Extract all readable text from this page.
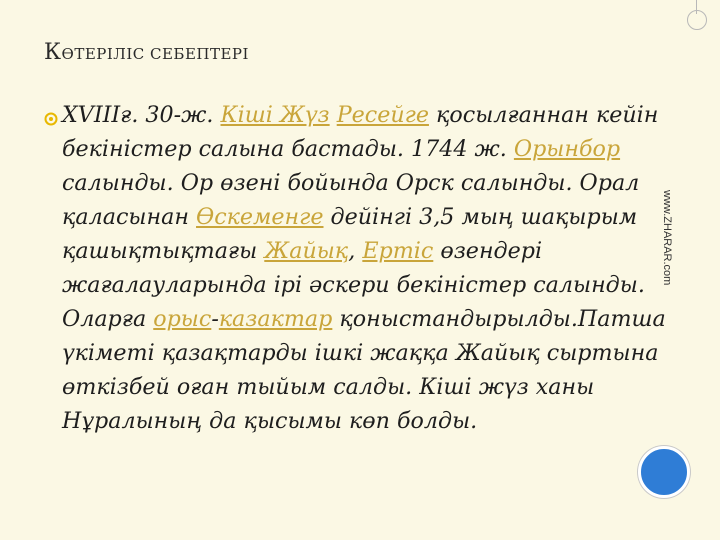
КӨТЕРІЛІС СЕБЕПТЕРІ
XVIIIғ. 30-ж. Кіші Жүз Ресейге қосылғаннан кейін бекіністер салына бастады. 1744 ж. Орынбор салынды. Ор өзені бойында Орск салынды. Орал қаласынан Өскеменге дейінгі 3,5 мың шақырым қашықтықтағы Жайық, Ертіс өзендері жағалауларында ірі әскери бекіністер салынды. Оларға орыс-казактар қоныстандырылды.Патша үкіметі қазақтарды ішкі жаққа Жайық сыртына өткізбей оған тыйым салды. Кіші жүз ханы Нұралының да қысымы көп болды.
www.ZHARAR.com
